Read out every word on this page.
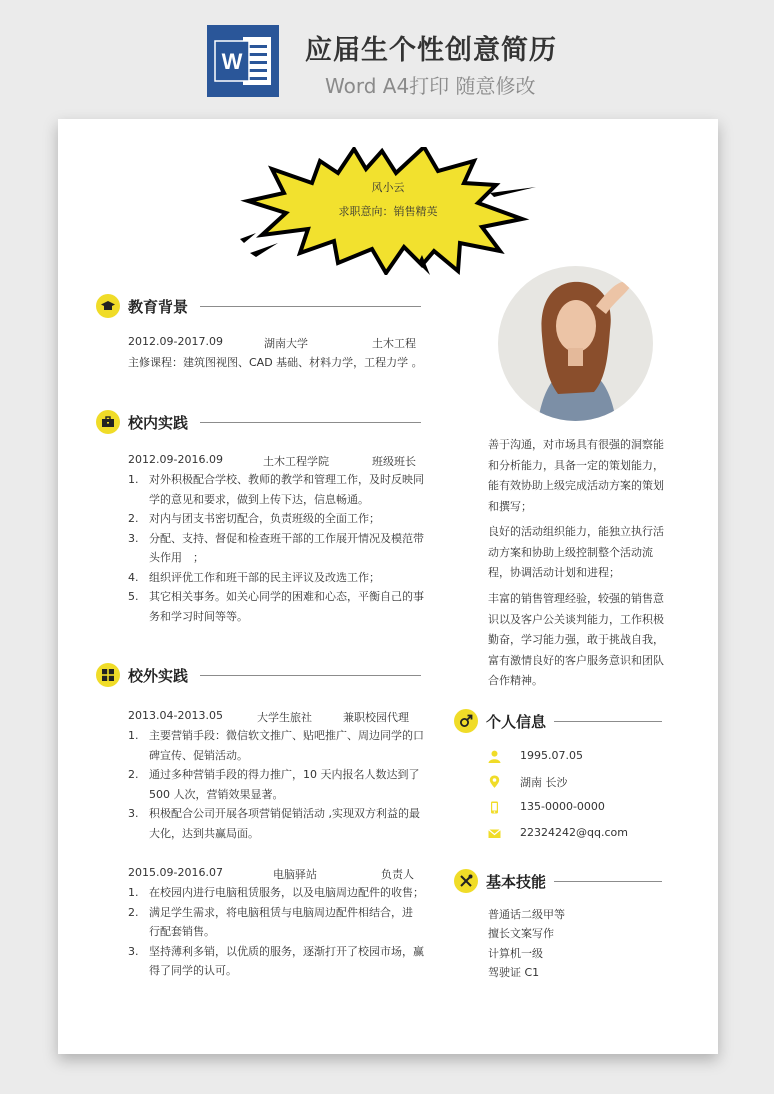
W 应届生个性创意简历
Word A4打印 随意修改
风小云
求职意向：销售精英
教育背景
2012.09-2017.09	湖南大学	土木工程
主修课程：建筑图视图、CAD 基础、材料力学，工程力学 。
校内实践
2012.09-2016.09	土木工程学院	班级班长
1. 对外积极配合学校、教师的教学和管理工作，及时反映同
学的意见和要求，做到上传下达，信息畅通。
2. 对内与团支书密切配合，负责班级的全面工作；
3. 分配、支持、督促和检查班干部的工作展开情况及模范带
头作用　；
4. 组织评优工作和班干部的民主评议及改选工作；
5. 其它相关事务。如关心同学的困难和心态，平衡自己的事
务和学习时间等等。
校外实践
2013.04-2013.05	大学生旅社	兼职校园代理
1. 主要营销手段：微信软文推广、贴吧推广、周边同学的口
碑宣传、促销活动。
2. 通过多种营销手段的得力推广，10 天内报名人数达到了
500 人次，营销效果显著。
3. 积极配合公司开展各项营销促销活动 ,实现双方利益的最
大化，达到共赢局面。
2015.09-2016.07	电脑驿站	负责人
1. 在校园内进行电脑租赁服务，以及电脑周边配件的收售；
2. 满足学生需求，将电脑租赁与电脑周边配件相结合，进
行配套销售。
3. 坚持薄利多销，以优质的服务，逐渐打开了校园市场，赢
得了同学的认可。
善于沟通，对市场具有很强的洞察能
和分析能力，具备一定的策划能力，
能有效协助上级完成活动方案的策划
和撰写；
良好的活动组织能力，能独立执行活
动方案和协助上级控制整个活动流
程，协调活动计划和进程；
丰富的销售管理经验，较强的销售意
识以及客户公关谈判能力，工作积极
勤奋，学习能力强，敢于挑战自我，
富有激情良好的客户服务意识和团队
合作精神。
个人信息
1995.07.05
湖南 长沙
135-0000-0000
22324242@qq.com
基本技能
普通话二级甲等
擅长文案写作
计算机一级
驾驶证 C1
